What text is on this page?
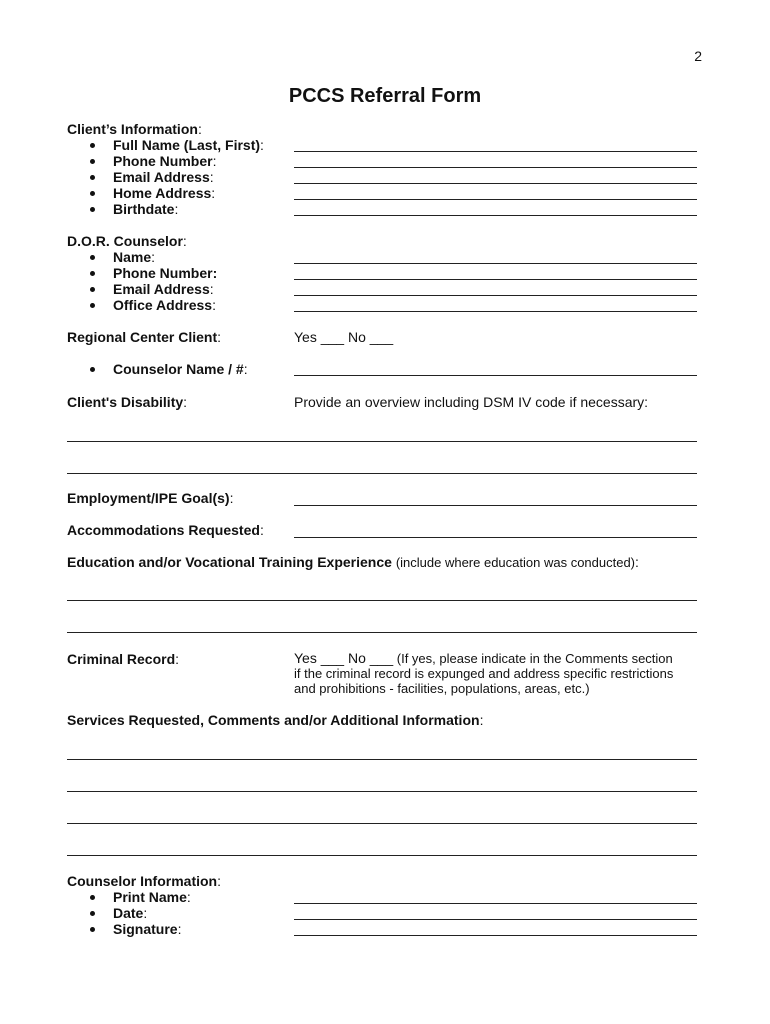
2
PCCS Referral Form
Client’s Information:
Full Name (Last, First):
Phone Number:
Email Address:
Home Address:
Birthdate:
D.O.R. Counselor:
Name:
Phone Number:
Email Address:
Office Address:
Regional Center Client:	Yes ___ No ___
Counselor Name / #:
Client's Disability:	Provide an overview including DSM IV code if necessary:
Employment/IPE Goal(s):
Accommodations Requested:
Education and/or Vocational Training Experience (include where education was conducted):
Criminal Record:	Yes ___ No ___ (If yes, please indicate in the Comments section
if the criminal record is expunged and address specific restrictions
and prohibitions - facilities, populations, areas, etc.)
Services Requested, Comments and/or Additional Information:
Counselor Information:
Print Name:
Date:
Signature:
